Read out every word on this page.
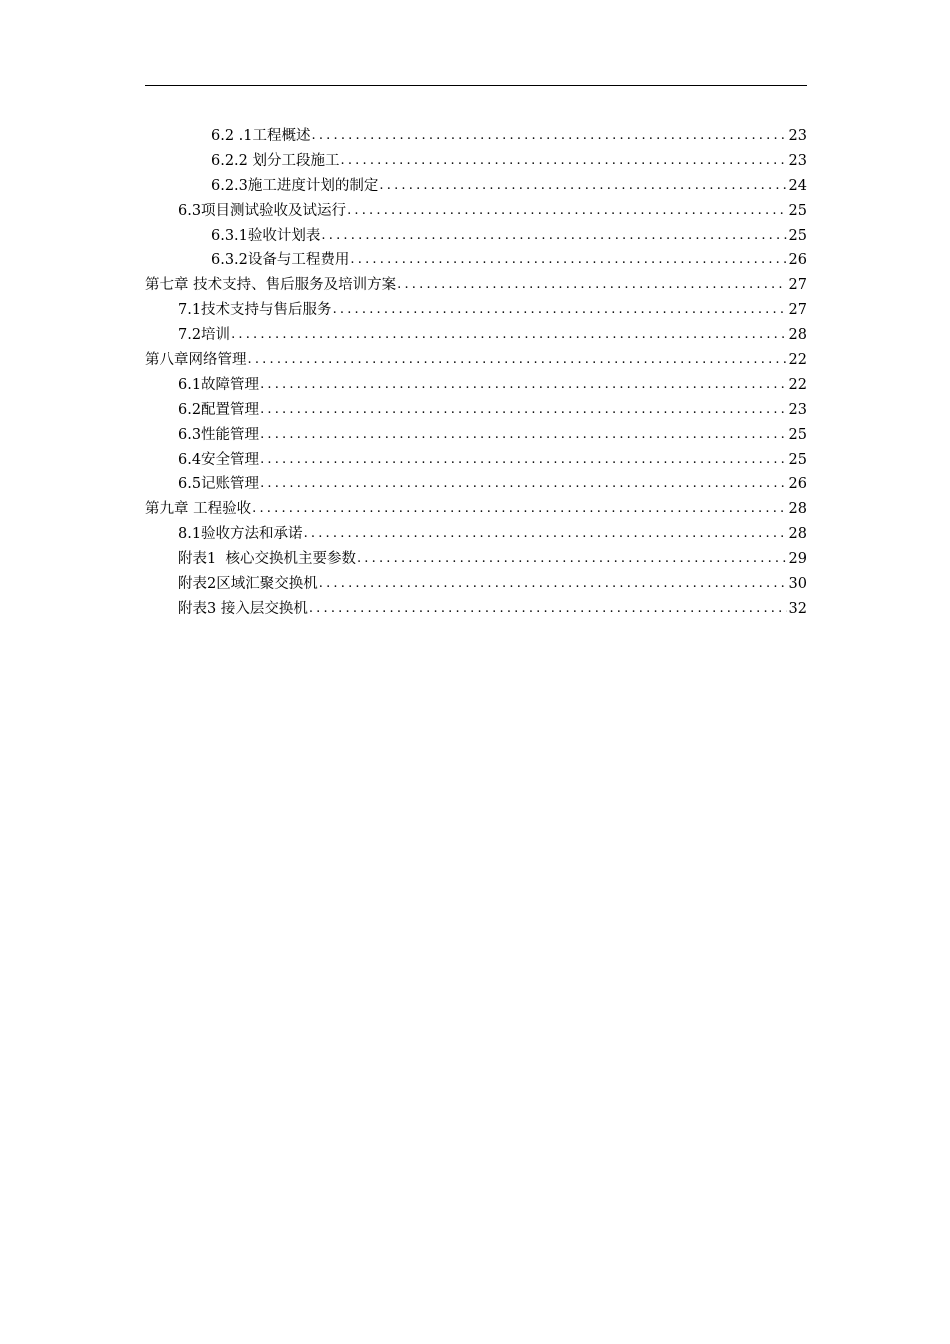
6.2 .1工程概述 .....	23
6.2.2 划分工段施工 .....	23
6.2.3施工进度计划的制定 .....	24
6.3项目测试验收及试运行 .....	25
6.3.1验收计划表 .....	25
6.3.2设备与工程费用 .....	26
第七章 技术支持、售后服务及培训方案 .....	27
7.1技术支持与售后服务 .....	27
7.2培训 .....	28
第八章网络管理 .....	22
6.1故障管理 .....	22
6.2配置管理 .....	23
6.3性能管理 .....	25
6.4安全管理 .....	25
6.5记账管理 .....	26
第九章 工程验收 .....	28
8.1验收方法和承诺 .....	28
附表1  核心交换机主要参数 .....	29
附表2区域汇聚交换机 .....	30
附表3 接入层交换机 .....	32
